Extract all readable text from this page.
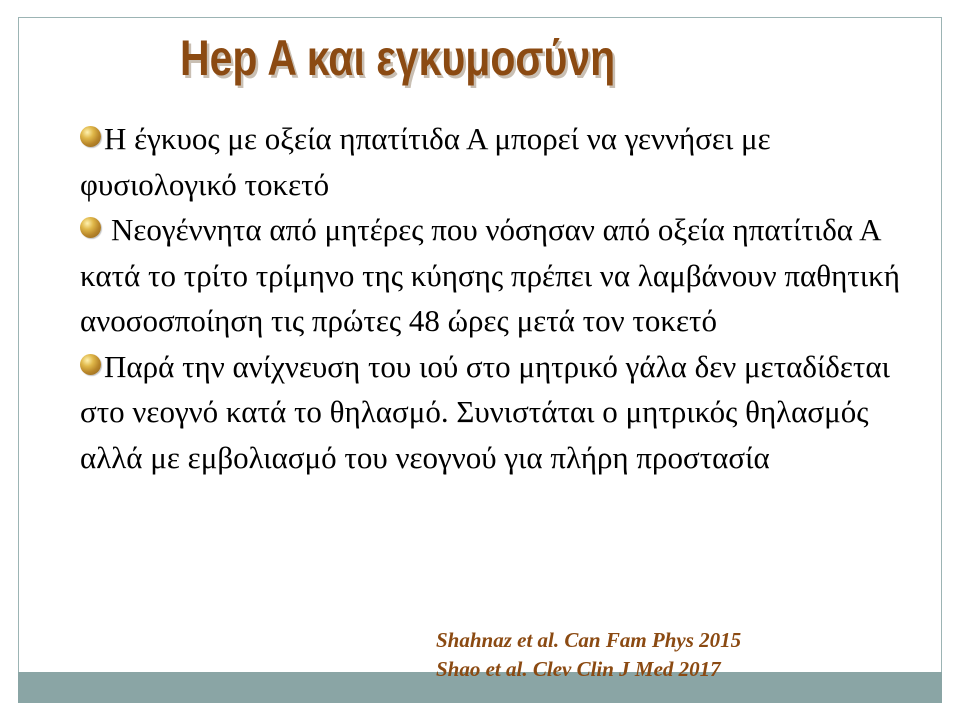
Hep A και εγκυμοσύνη
Η έγκυος με οξεία ηπατίτιδα Α μπορεί να γεννήσει με φυσιολογικό τοκετό
Νεογέννητα από μητέρες που νόσησαν από οξεία ηπατίτιδα Α κατά το τρίτο τρίμηνο της κύησης πρέπει να λαμβάνουν παθητική ανοσοσποίηση τις πρώτες 48 ώρες μετά τον τοκετό
Παρά την ανίχνευση του ιού στο μητρικό γάλα δεν μεταδίδεται στο νεογνό κατά το θηλασμό. Συνιστάται ο μητρικός θηλασμός αλλά με εμβολιασμό του νεογνού για πλήρη προστασία
Shahnaz et al. Can Fam Phys 2015
Shao et al. Clev Clin J Med 2017
